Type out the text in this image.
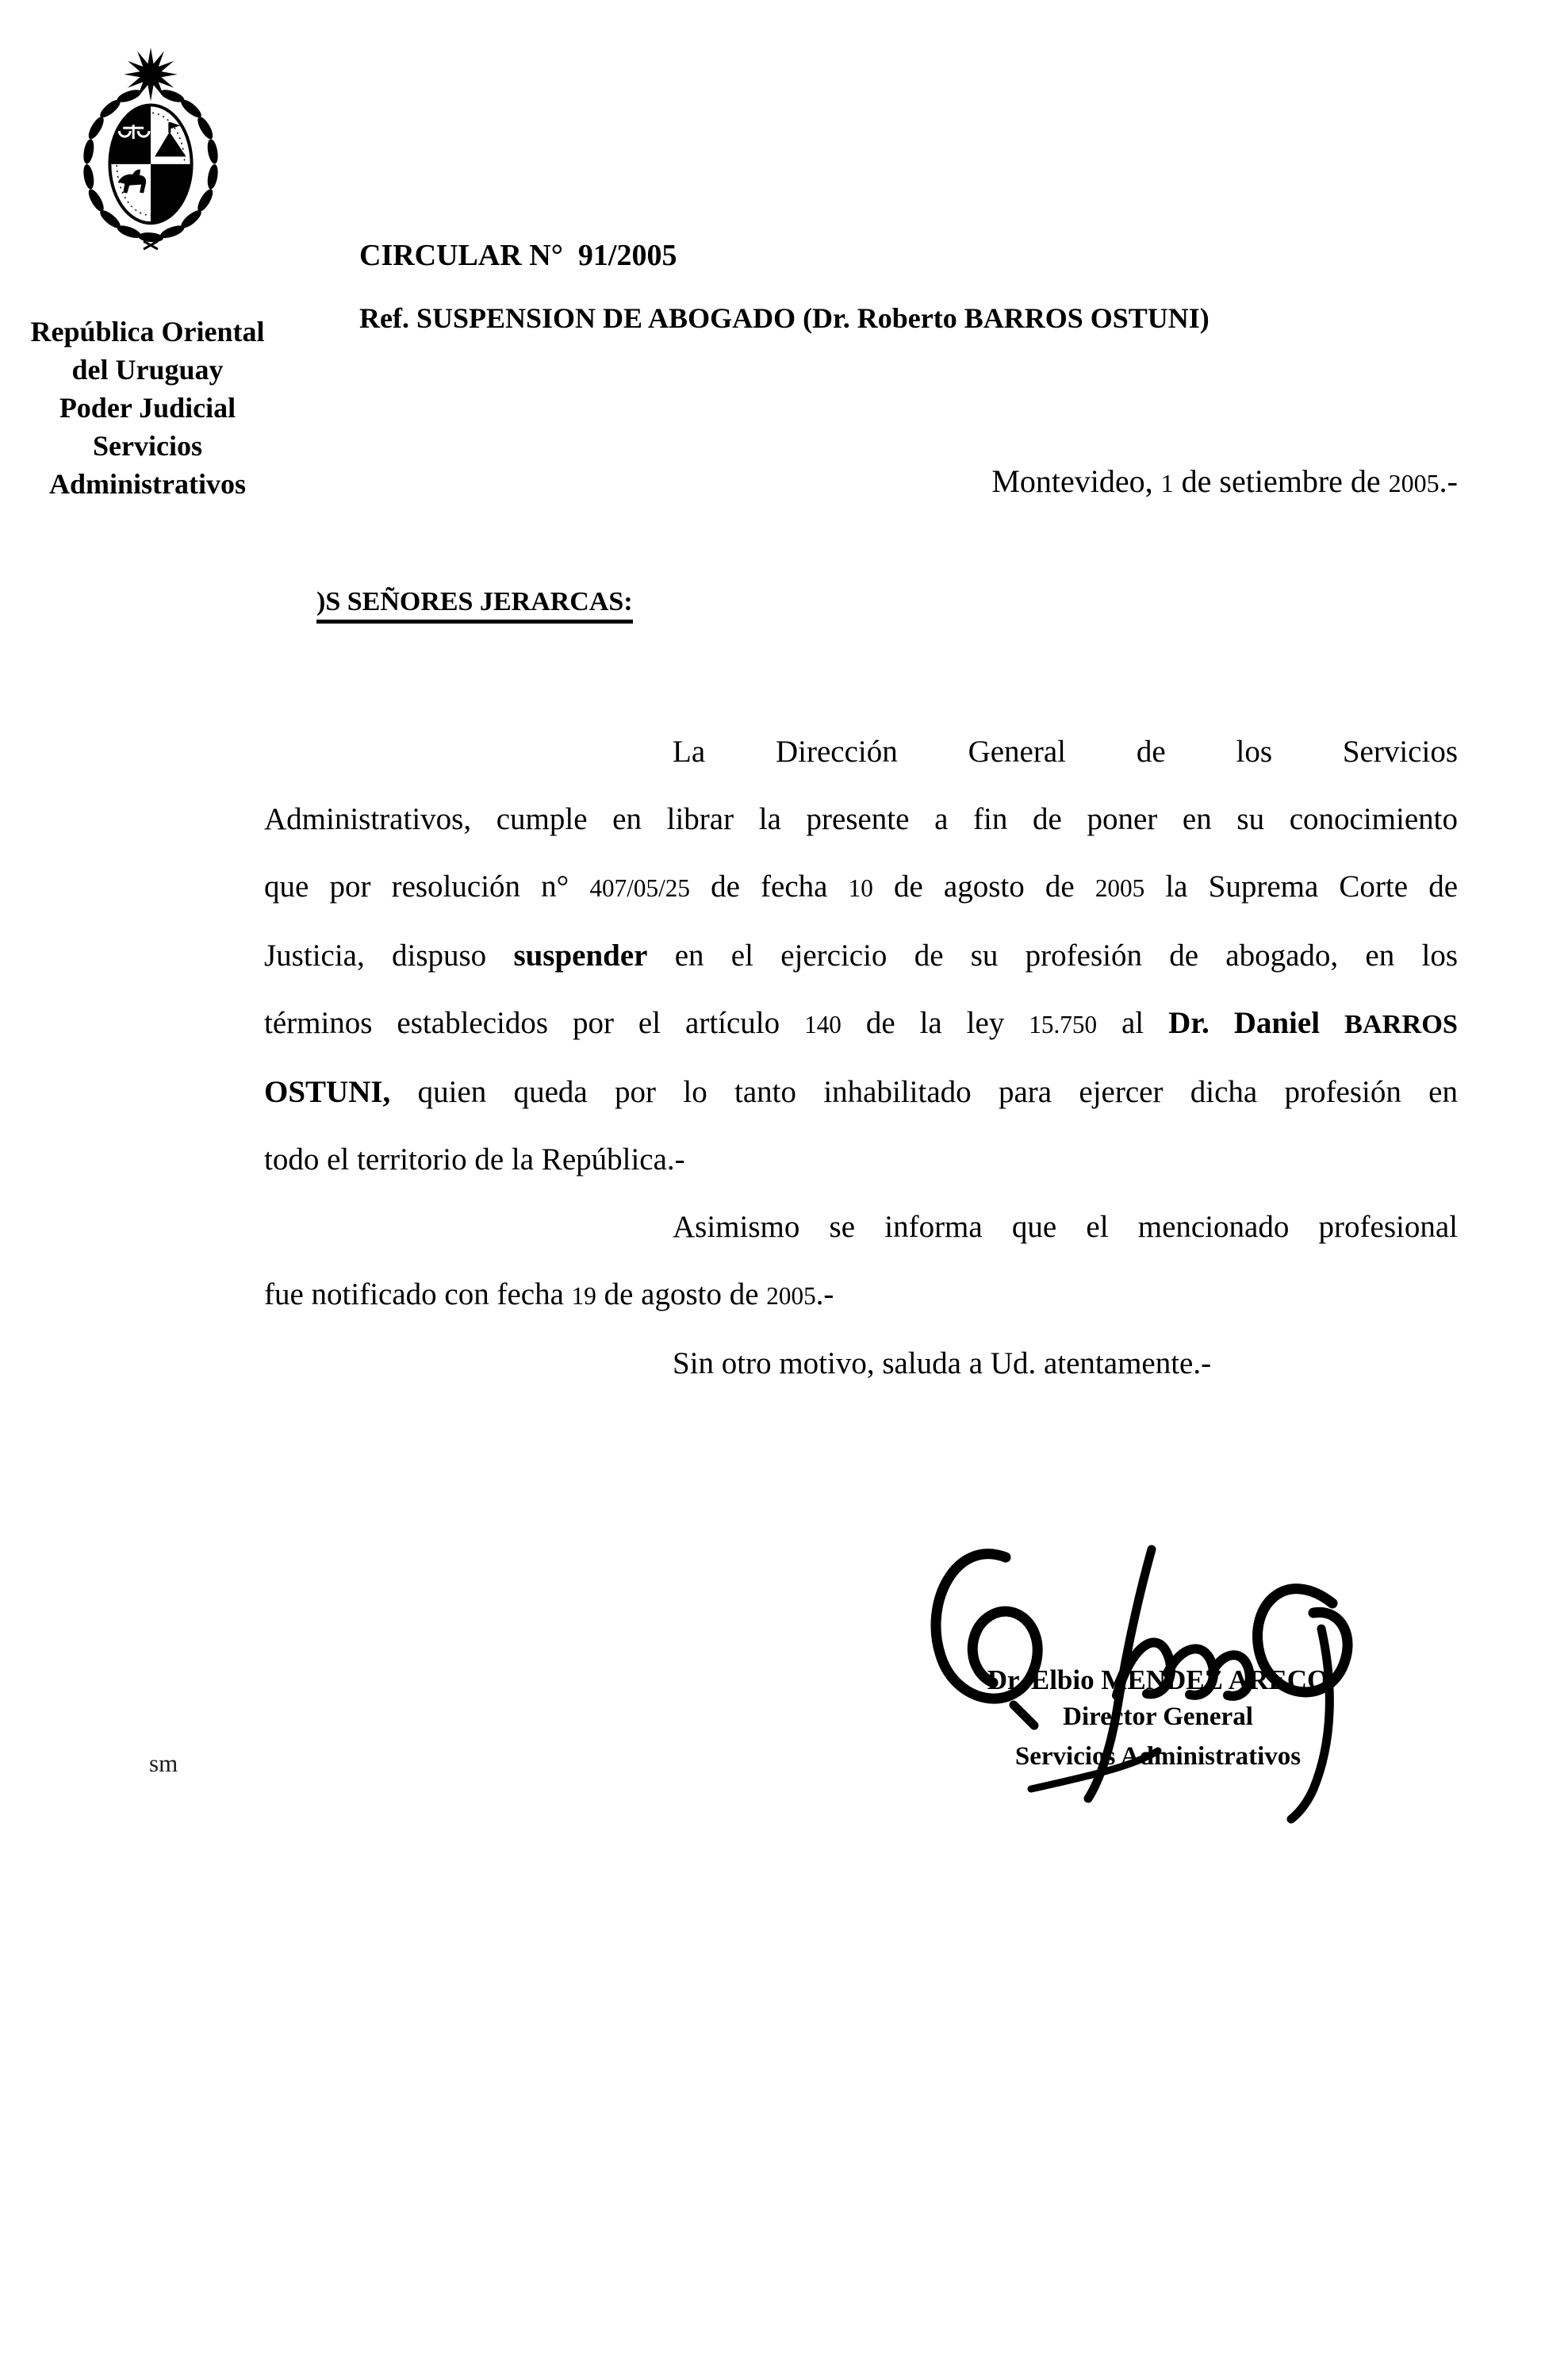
República Oriental
del Uruguay
Poder Judicial
Servicios
Administrativos
CIRCULAR N°  91/2005
Ref. SUSPENSION DE ABOGADO (Dr. Roberto BARROS OSTUNI)
Montevideo, 1 de setiembre de 2005.-
)S SEÑORES JERARCAS:
La Dirección General de los Servicios
Administrativos, cumple en librar la presente a fin de poner en su conocimiento
que por resolución n° 407/05/25 de fecha 10 de agosto de 2005 la Suprema Corte de
Justicia, dispuso suspender en el ejercicio de su profesión de abogado, en los
términos establecidos por el artículo 140 de la ley 15.750 al Dr. Daniel BARROS
OSTUNI, quien queda por lo tanto inhabilitado para ejercer dicha profesión en
todo el territorio de la República.-
Asimismo se informa que el mencionado profesional
fue notificado con fecha 19 de agosto de 2005.-
Sin otro motivo, saluda a Ud. atentamente.-
Dr. Elbio MENDEZ ARECO
Director General
Servicios Administrativos
sm
